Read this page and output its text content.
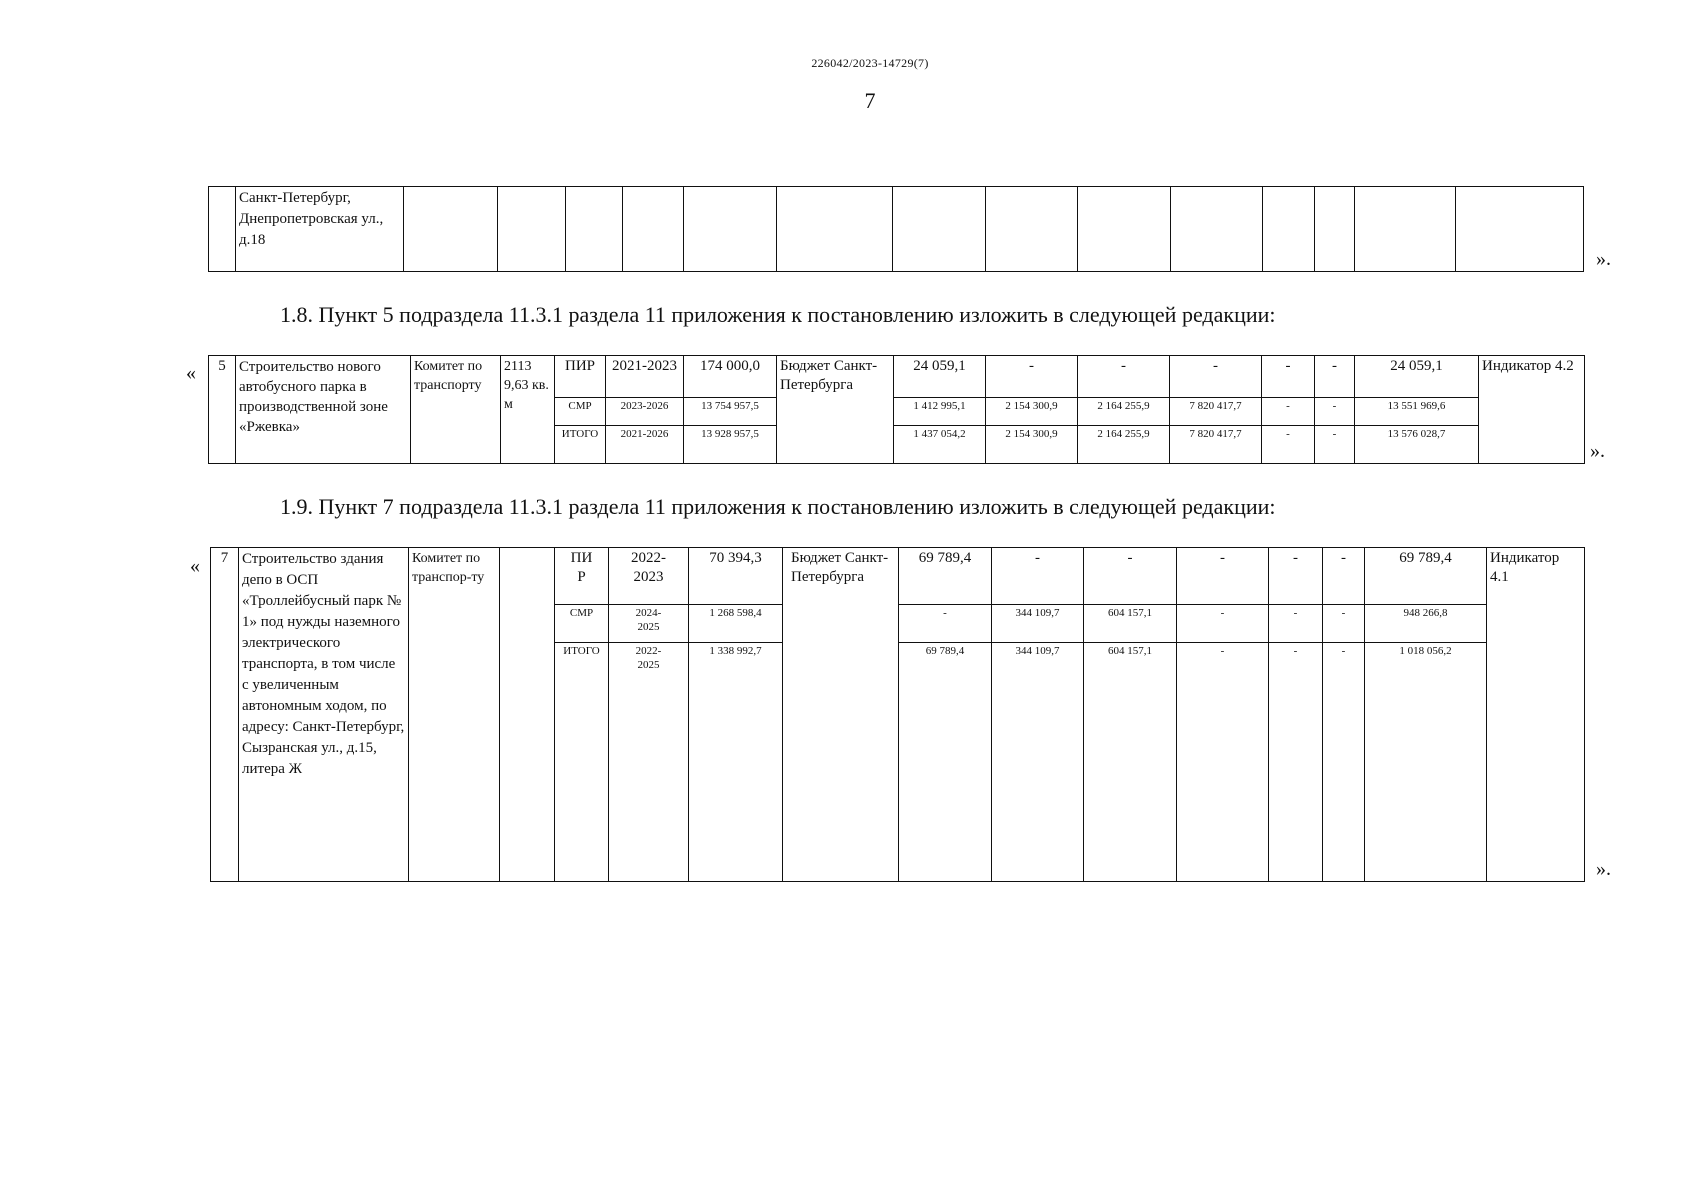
226042/2023-14729(7)
7
	Санкт-Петербург, Днепропетровская ул., д.18														
».
1.8. Пункт 5 подраздела 11.3.1 раздела 11 приложения к постановлению изложить в следующей редакции:
« 5	Строительство нового автобусного парка в производственной зоне «Ржевка»	Комитет по транспорту	2113 9,63 кв. м	ПИР	2021-2023	174 000,0	Бюджет Санкт-Петербурга	24 059,1	-	-	-	-	-	24 059,1	Индикатор 4.2
				СМР	2023-2026	13 754 957,5		1 412 995,1	2 154 300,9	2 164 255,9	7 820 417,7	-	-	13 551 969,6	
				ИТОГО	2021-2026	13 928 957,5		1 437 054,2	2 154 300,9	2 164 255,9	7 820 417,7	-	-	13 576 028,7	
».
1.9. Пункт 7 подраздела 11.3.1 раздела 11 приложения к постановлению изложить в следующей редакции:
« 7	Строительство здания депо в ОСП «Троллейбусный парк № 1» под нужды наземного электрического транспорта, в том числе с увеличенным автономным ходом, по адресу: Санкт-Петербург, Сызранская ул., д.15, литера Ж	Комитет по транспор-ту		ПИР	2022-2023	70 394,3	Бюджет Санкт-Петербурга	69 789,4	-	-	-	-	-	69 789,4	Индикатор 4.1
				СМР	2024-2025	1 268 598,4		-	344 109,7	604 157,1	-	-	-	948 266,8	
				ИТОГО	2022-2025	1 338 992,7		69 789,4	344 109,7	604 157,1	-	-	-	1 018 056,2	
».
